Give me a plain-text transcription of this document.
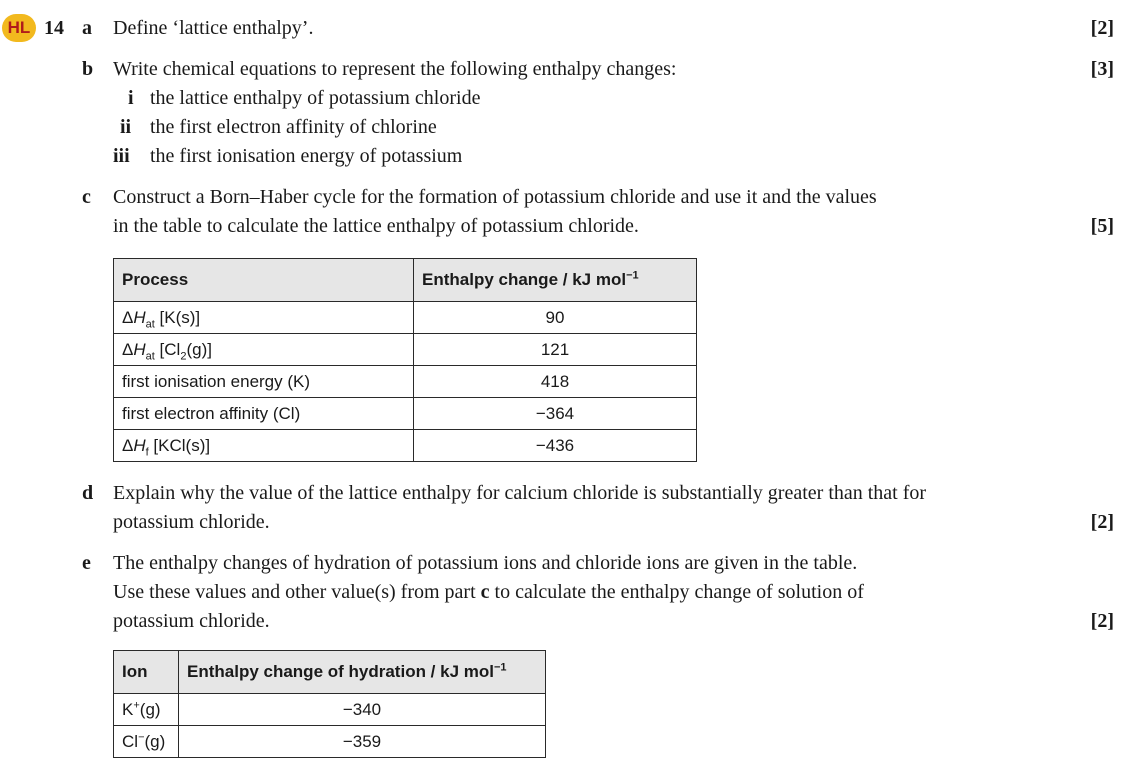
HL 14 a Define ‘lattice enthalpy’.	[2]
b Write chemical equations to represent the following enthalpy changes:	[3]
i the lattice enthalpy of potassium chloride
ii the first electron affinity of chlorine
iii the first ionisation energy of potassium
c Construct a Born–Haber cycle for the formation of potassium chloride and use it and the values
in the table to calculate the lattice enthalpy of potassium chloride.	[5]
Process	Enthalpy change / kJ mol$^{-1}$
$\Delta H_{at}$ [K(s)]	90
$\Delta H_{at}$ $[Cl_2(g)]$	121
first ionisation energy (K)	418
first electron affinity (Cl)	−364
$\Delta H_f$ [KCl(s)]	−436
d Explain why the value of the lattice enthalpy for calcium chloride is substantially greater than that for
potassium chloride.	[2]
e The enthalpy changes of hydration of potassium ions and chloride ions are given in the table.
Use these values and other value(s) from part c to calculate the enthalpy change of solution of
potassium chloride.	[2]
Ion	Enthalpy change of hydration / kJ mol$^{-1}$
K+(g)	−340
Cl−(g)	−359
